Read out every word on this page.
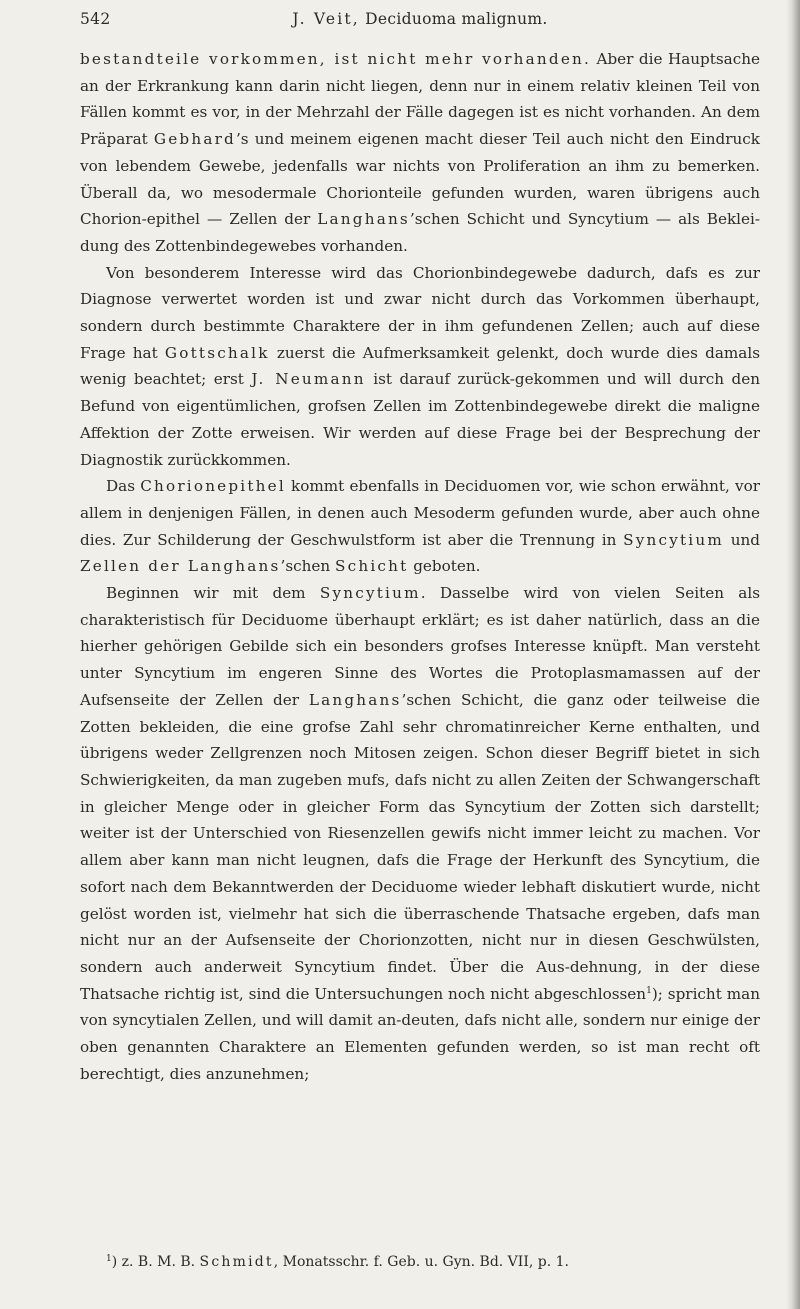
542	J. Veit, Deciduoma malignum.

bestandteile vorkommen, ist nicht mehr vorhanden. Aber die Hauptsache an der Erkrankung kann darin nicht liegen, denn nur in einem relativ kleinen Teil von Fällen kommt es vor, in der Mehrzahl der Fälle dagegen ist es nicht vorhanden. An dem Präparat Gebhard’s und meinem eigenen macht dieser Teil auch nicht den Eindruck von lebendem Gewebe, jedenfalls war nichts von Proliferation an ihm zu bemerken. Überall da, wo mesodermale Chorionteile gefunden wurden, waren übrigens auch Chorion-epithel — Zellen der Langhans’schen Schicht und Syncytium — als Beklei-dung des Zottenbindegewebes vorhanden.

Von besonderem Interesse wird das Chorionbindegewebe dadurch, dafs es zur Diagnose verwertet worden ist und zwar nicht durch das Vorkommen überhaupt, sondern durch bestimmte Charaktere der in ihm gefundenen Zellen; auch auf diese Frage hat Gottschalk zuerst die Aufmerksamkeit gelenkt, doch wurde dies damals wenig beachtet; erst J. Neumann ist darauf zurück-gekommen und will durch den Befund von eigentümlichen, grofsen Zellen im Zottenbindegewebe direkt die maligne Affektion der Zotte erweisen. Wir werden auf diese Frage bei der Besprechung der Diagnostik zurückkommen.

Das Chorionepithel kommt ebenfalls in Deciduomen vor, wie schon erwähnt, vor allem in denjenigen Fällen, in denen auch Mesoderm gefunden wurde, aber auch ohne dies. Zur Schilderung der Geschwulstform ist aber die Trennung in Syncytium und Zellen der Langhans’schen Schicht geboten.

Beginnen wir mit dem Syncytium. Dasselbe wird von vielen Seiten als charakteristisch für Deciduome überhaupt erklärt; es ist daher natürlich, dass an die hierher gehörigen Gebilde sich ein besonders grofses Interesse knüpft. Man versteht unter Syncytium im engeren Sinne des Wortes die Protoplasmamassen auf der Aufsenseite der Zellen der Langhans’schen Schicht, die ganz oder teilweise die Zotten bekleiden, die eine grofse Zahl sehr chromatinreicher Kerne enthalten, und übrigens weder Zellgrenzen noch Mitosen zeigen. Schon dieser Begriff bietet in sich Schwierigkeiten, da man zugeben mufs, dafs nicht zu allen Zeiten der Schwangerschaft in gleicher Menge oder in gleicher Form das Syncytium der Zotten sich darstellt; weiter ist der Unterschied von Riesenzellen gewifs nicht immer leicht zu machen. Vor allem aber kann man nicht leugnen, dafs die Frage der Herkunft des Syncytium, die sofort nach dem Bekanntwerden der Deciduome wieder lebhaft diskutiert wurde, nicht gelöst worden ist, vielmehr hat sich die überraschende Thatsache ergeben, dafs man nicht nur an der Aufsenseite der Chorionzotten, nicht nur in diesen Geschwülsten, sondern auch anderweit Syncytium findet. Über die Aus-dehnung, in der diese Thatsache richtig ist, sind die Untersuchungen noch nicht abgeschlossen$^1$); spricht man von syncytialen Zellen, und will damit an-deuten, dafs nicht alle, sondern nur einige der oben genannten Charaktere an Elementen gefunden werden, so ist man recht oft berechtigt, dies anzunehmen;

$^1$) z. B. M. B. Schmidt, Monatsschr. f. Geb. u. Gyn. Bd. VII, p. 1.
